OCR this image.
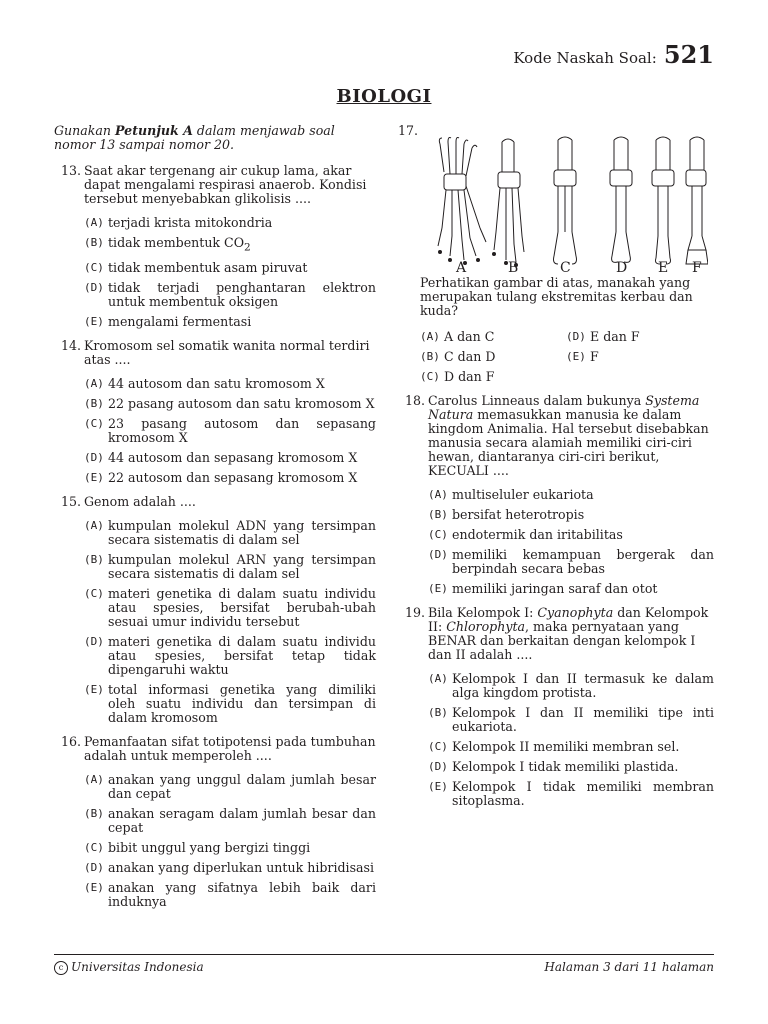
Kode Naskah Soal: 521
BIOLOGI
Gunakan Petunjuk A dalam menjawab soal nomor 13 sampai nomor 20.
13. Saat akar tergenang air cukup lama, akar dapat mengalami respirasi anaerob. Kondisi tersebut menyebabkan glikolisis ....
(A) terjadi krista mitokondria
(B) tidak membentuk $CO_2$
(C) tidak membentuk asam piruvat
(D) tidak terjadi penghantaran elektron untuk membentuk oksigen
(E) mengalami fermentasi
14. Kromosom sel somatik wanita normal terdiri atas ....
(A) 44 autosom dan satu kromosom X
(B) 22 pasang autosom dan satu kromosom X
(C) 23 pasang autosom dan sepasang kromosom X
(D) 44 autosom dan sepasang kromosom X
(E) 22 autosom dan sepasang kromosom X
15. Genom adalah ....
(A) kumpulan molekul ADN yang tersimpan secara sistematis di dalam sel
(B) kumpulan molekul ARN yang tersimpan secara sistematis di dalam sel
(C) materi genetika di dalam suatu individu atau spesies, bersifat berubah-ubah sesuai umur individu tersebut
(D) materi genetika di dalam suatu individu atau spesies, bersifat tetap tidak dipengaruhi waktu
(E) total informasi genetika yang dimiliki oleh suatu individu dan tersimpan di dalam kromosom
16. Pemanfaatan sifat totipotensi pada tumbuhan adalah untuk memperoleh ....
(A) anakan yang unggul dalam jumlah besar dan cepat
(B) anakan seragam dalam jumlah besar dan cepat
(C) bibit unggul yang bergizi tinggi
(D) anakan yang diperlukan untuk hibridisasi
(E) anakan yang sifatnya lebih baik dari induknya
17.
A	B	C	D E F
Perhatikan gambar di atas, manakah yang merupakan tulang ekstremitas kerbau dan kuda?
(A) A dan C	(D) E dan F
(B) C dan D	(E) F
(C) D dan F
18. Carolus Linneaus dalam bukunya Systema Natura memasukkan manusia ke dalam kingdom Animalia. Hal tersebut disebabkan manusia secara alamiah memiliki ciri-ciri hewan, diantaranya ciri-ciri berikut, KECUALI ....
(A) multiseluler eukariota
(B) bersifat heterotropis
(C) endotermik dan iritabilitas
(D) memiliki kemampuan bergerak dan berpindah secara bebas
(E) memiliki jaringan saraf dan otot
19. Bila Kelompok I: Cyanophyta dan Kelompok II: Chlorophyta, maka pernyataan yang BENAR dan berkaitan dengan kelompok I dan II adalah ....
(A) Kelompok I dan II termasuk ke dalam alga kingdom protista.
(B) Kelompok I dan II memiliki tipe inti eukariota.
(C) Kelompok II memiliki membran sel.
(D) Kelompok I tidak memiliki plastida.
(E) Kelompok I tidak memiliki membran sitoplasma.
c Universitas Indonesia	Halaman 3 dari 11 halaman
